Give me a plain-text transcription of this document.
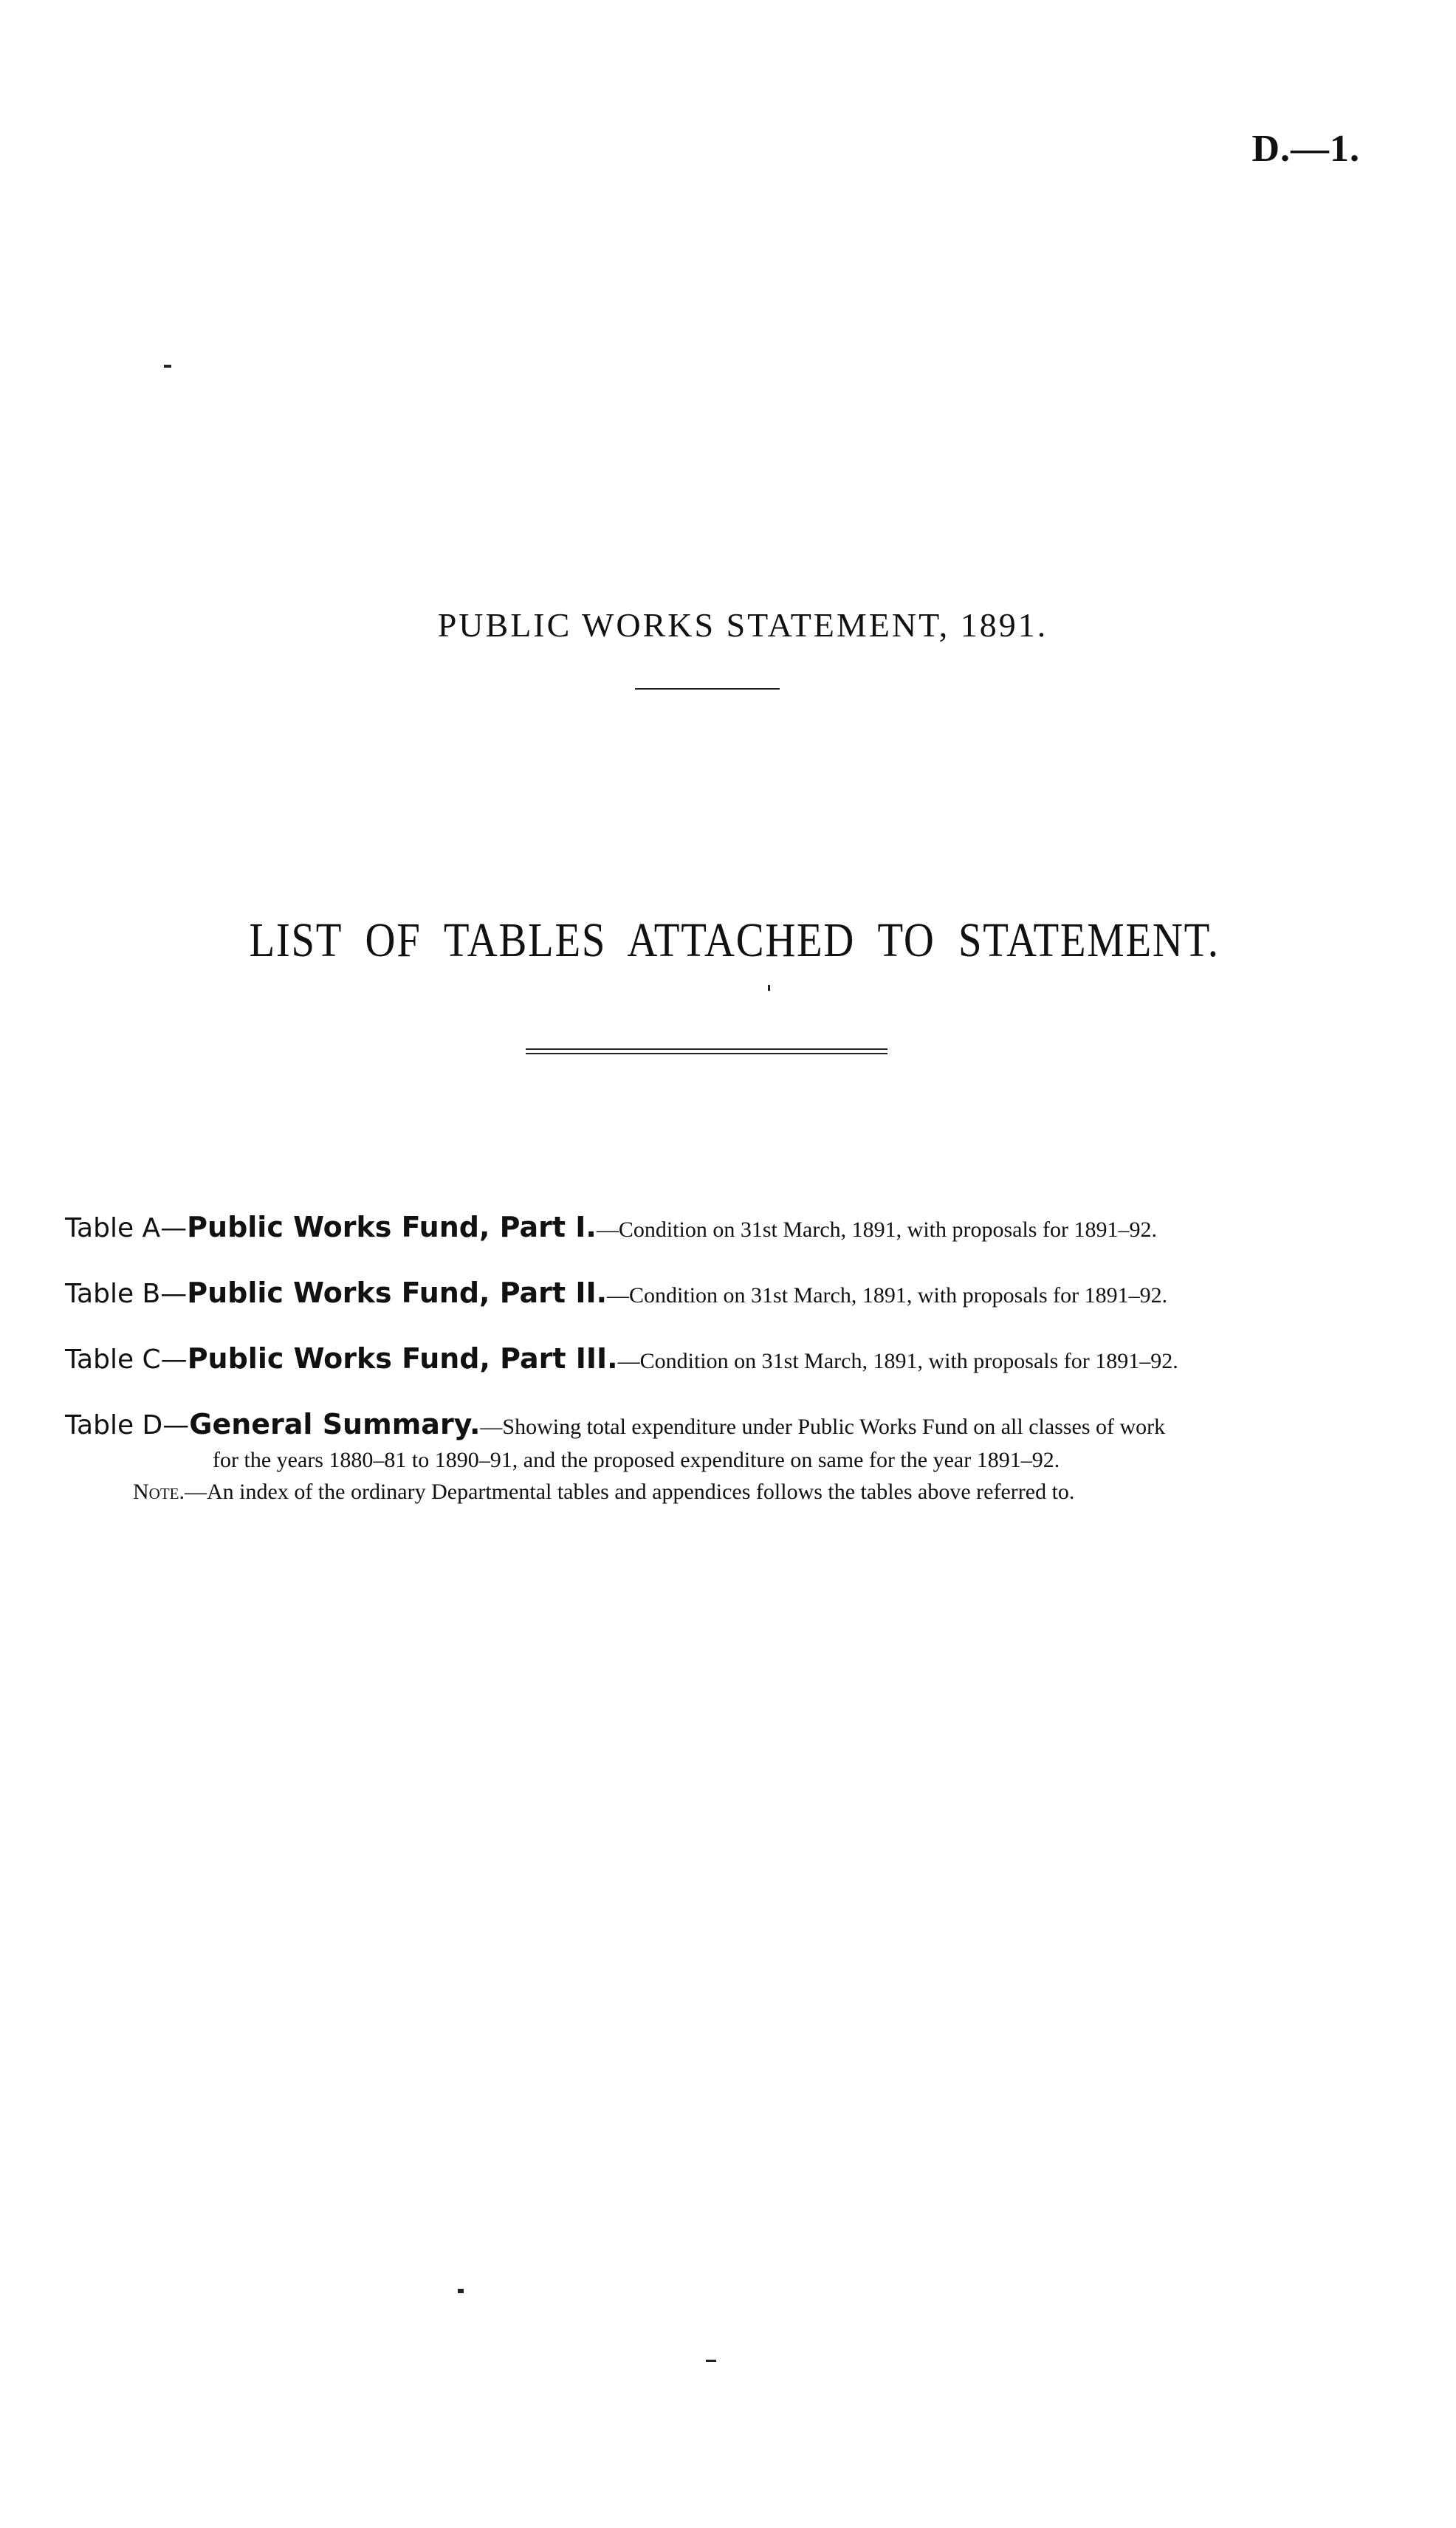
D.—1.
PUBLIC WORKS STATEMENT, 1891.
LIST OF TABLES ATTACHED TO STATEMENT.
Table A—Public Works Fund, Part I.—Condition on 31st March, 1891, with proposals for 1891–92.
Table B—Public Works Fund, Part II.—Condition on 31st March, 1891, with proposals for 1891–92.
Table C—Public Works Fund, Part III.—Condition on 31st March, 1891, with proposals for 1891–92.
Table D—General Summary.—Showing total expenditure under Public Works Fund on all classes of work
for the years 1880–81 to 1890–91, and the proposed expenditure on same for the year 1891–92.
Note.—An index of the ordinary Departmental tables and appendices follows the tables above referred to.
